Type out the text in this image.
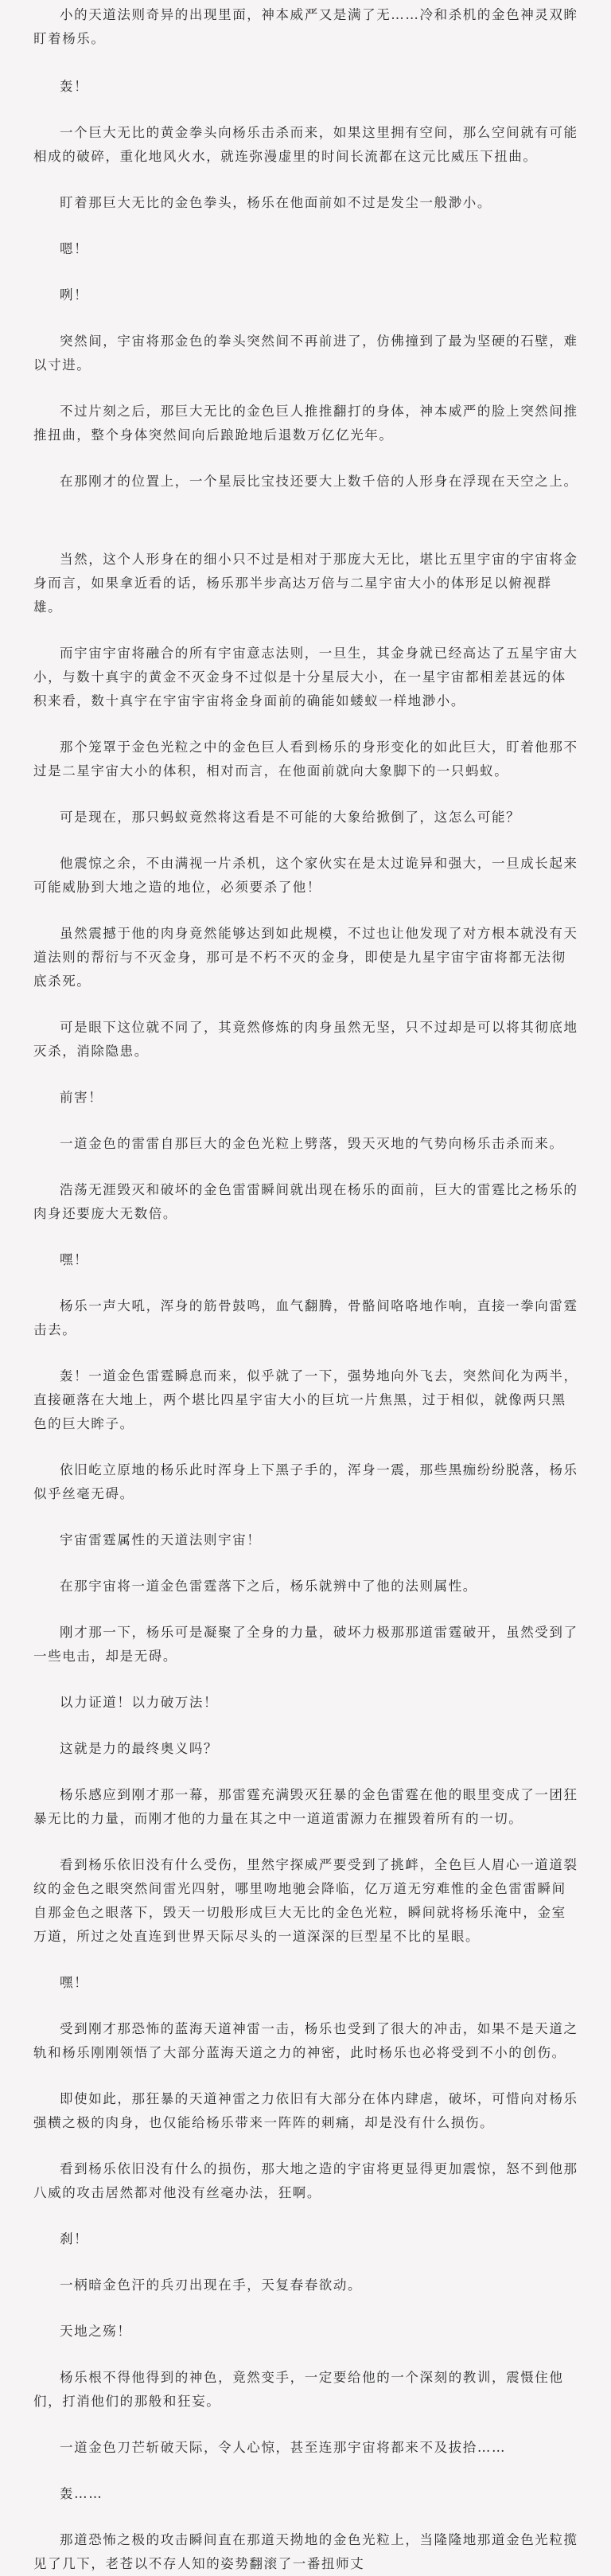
小的天道法则奇异的出现里面，神本威严又是满了无……冷和杀机的金色神灵双眸盯着杨乐。

轰！

一个巨大无比的黄金拳头向杨乐击杀而来，如果这里拥有空间，那么空间就有可能相成的破碎，重化地风火水，就连弥漫虚里的时间长流都在这元比威压下扭曲。

盯着那巨大无比的金色拳头，杨乐在他面前如不过是发尘一般渺小。

嗯！

咧！

突然间，宇宙将那金色的拳头突然间不再前进了，仿佛撞到了最为坚硬的石壁，难以寸进。

不过片刻之后，那巨大无比的金色巨人推推翻打的身体，神本威严的脸上突然间推推扭曲，整个身体突然间向后踉跄地后退数万亿亿光年。

在那刚才的位置上，一个星辰比宝技还要大上数千倍的人形身在浮现在天空之上。

当然，这个人形身在的细小只不过是相对于那庞大无比，堪比五里宇宙的宇宙将金身而言，如果拿近看的话，杨乐那半步高达万倍与二星宇宙大小的体形足以俯视群雄。

而宇宙宇宙将融合的所有宇宙意志法则，一旦生，其金身就已经高达了五星宇宙大小，与数十真宇的黄金不灭金身不过似是十分星辰大小，在一星宇宙都相差甚远的体积来看，数十真宇在宇宙宇宙将金身面前的确能如蝼蚁一样地渺小。

那个笼罩于金色光粒之中的金色巨人看到杨乐的身形变化的如此巨大，盯着他那不过是二星宇宙大小的体积，相对而言，在他面前就向大象脚下的一只蚂蚁。

可是现在，那只蚂蚁竟然将这看是不可能的大象给掀倒了，这怎么可能？

他震惊之余，不由满视一片杀机，这个家伙实在是太过诡异和强大，一旦成长起来可能威胁到大地之造的地位，必须要杀了他！

虽然震撼于他的肉身竟然能够达到如此规模，不过也让他发现了对方根本就没有天道法则的帮衍与不灭金身，那可是不朽不灭的金身，即使是九星宇宙宇宙将都无法彻底杀死。

可是眼下这位就不同了，其竟然修炼的肉身虽然无坚，只不过却是可以将其彻底地灭杀，消除隐患。

前害！

一道金色的雷雷自那巨大的金色光粒上劈落，毁天灭地的气势向杨乐击杀而来。

浩荡无涯毁灭和破坏的金色雷雷瞬间就出现在杨乐的面前，巨大的雷霆比之杨乐的肉身还要庞大无数倍。

嘿！

杨乐一声大吼，浑身的筋骨鼓鸣，血气翻腾，骨骼间咯咯地作响，直接一拳向雷霆击去。

轰！一道金色雷霆瞬息而来，似乎就了一下，强势地向外飞去，突然间化为两半，直接砸落在大地上，两个堪比四星宇宙大小的巨坑一片焦黑，过于相似，就像两只黑色的巨大眸子。

依旧屹立原地的杨乐此时浑身上下黑子手的，浑身一震，那些黑痂纷纷脱落，杨乐似乎丝毫无碍。

宇宙雷霆属性的天道法则宇宙！

在那宇宙将一道金色雷霆落下之后，杨乐就辨中了他的法则属性。

刚才那一下，杨乐可是凝聚了全身的力量，破坏力极那那道雷霆破开，虽然受到了一些电击，却是无碍。

以力证道！以力破万法！

这就是力的最终奥义吗？

杨乐感应到刚才那一幕，那雷霆充满毁灭狂暴的金色雷霆在他的眼里变成了一团狂暴无比的力量，而刚才他的力量在其之中一道道雷源力在摧毁着所有的一切。

看到杨乐依旧没有什么受伤，里然宇探威严要受到了挑衅，全色巨人眉心一道道裂纹的金色之眼突然间雷光四射，哪里吻地驰会降临，亿万道无穷难惟的金色雷雷瞬间自那金色之眼落下，毁天一切般形成巨大无比的金色光粒，瞬间就将杨乐淹中，金室万道，所过之处直连到世界天际尽头的一道深深的巨型星不比的星眼。

嘿！

受到刚才那恐怖的蓝海天道神雷一击，杨乐也受到了很大的冲击，如果不是天道之轨和杨乐刚刚领悟了大部分蓝海天道之力的神密，此时杨乐也必将受到不小的创伤。

即使如此，那狂暴的天道神雷之力依旧有大部分在体内肆虐，破坏，可惜向对杨乐强横之极的肉身，也仅能给杨乐带来一阵阵的刺痛，却是没有什么损伤。

看到杨乐依旧没有什么的损伤，那大地之造的宇宙将更显得更加震惊，怒不到他那八威的攻击居然都对他没有丝毫办法，狂啊。

刹！

一柄暗金色汗的兵刃出现在手，天复春春欲动。

天地之殇！

杨乐根不得他得到的神色，竟然变手，一定要给他的一个深刻的教训，震慑住他们，打消他们的那般和狂妄。

一道金色刀芒斩破天际，令人心惊，甚至连那宇宙将都来不及拔拾……

轰……

那道恐怖之极的攻击瞬间直在那道天拗地的金色光粒上，当隆隆地那道金色光粒揽见了几下，老苍以不存人知的姿势翻滚了一番扭师丈
